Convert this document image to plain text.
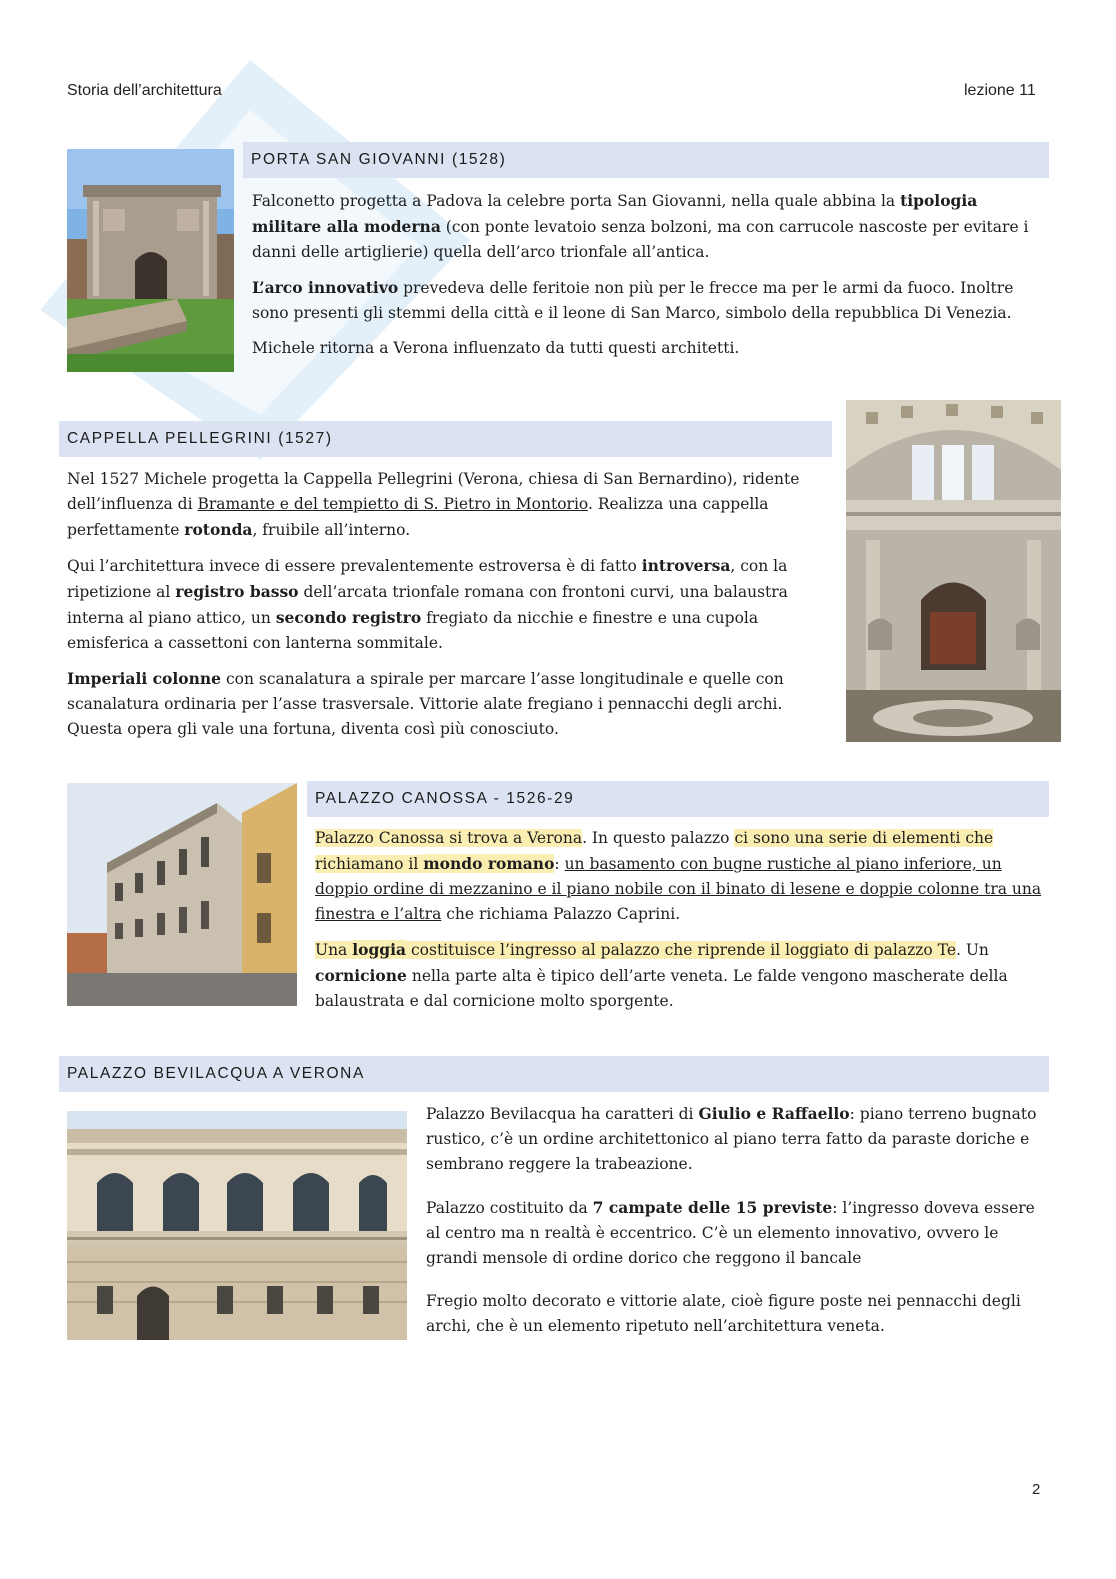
Storia dell’architettura	lezione 11
PORTA SAN GIOVANNI (1528)

Falconetto progetta a Padova la celebre porta San Giovanni, nella quale abbina la tipologia militare alla moderna (con ponte levatoio senza bolzoni, ma con carrucole nascoste per evitare i danni delle artiglierie) quella dell’arco trionfale all’antica.

L’arco innovativo prevedeva delle feritoie non più per le frecce ma per le armi da fuoco. Inoltre sono presenti gli stemmi della città e il leone di San Marco, simbolo della repubblica Di Venezia.

Michele ritorna a Verona influenzato da tutti questi architetti.

CAPPELLA PELLEGRINI (1527)

Nel 1527 Michele progetta la Cappella Pellegrini (Verona, chiesa di San Bernardino), ridente dell’influenza di Bramante e del tempietto di S. Pietro in Montorio. Realizza una cappella perfettamente rotonda, fruibile all’interno.

Qui l’architettura invece di essere prevalentemente estroversa è di fatto introversa, con la ripetizione al registro basso dell’arcata trionfale romana con frontoni curvi, una balaustra interna al piano attico, un secondo registro fregiato da nicchie e finestre e una cupola emisferica a cassettoni con lanterna sommitale.

Imperiali colonne con scanalatura a spirale per marcare l’asse longitudinale e quelle con scanalatura ordinaria per l’asse trasversale. Vittorie alate fregiano i pennacchi degli archi. Questa opera gli vale una fortuna, diventa così più conosciuto.

PALAZZO CANOSSA - 1526-29

Palazzo Canossa si trova a Verona. In questo palazzo ci sono una serie di elementi che richiamano il mondo romano: un basamento con bugne rustiche al piano inferiore, un doppio ordine di mezzanino e il piano nobile con il binato di lesene e doppie colonne tra una finestra e l’altra che richiama Palazzo Caprini.

Una loggia costituisce l’ingresso al palazzo che riprende il loggiato di palazzo Te. Un cornicione nella parte alta è tipico dell’arte veneta. Le falde vengono mascherate della balaustrata e dal cornicione molto sporgente.

PALAZZO BEVILACQUA A VERONA

Palazzo Bevilacqua ha caratteri di Giulio e Raffaello: piano terreno bugnato rustico, c’è un ordine architettonico al piano terra fatto da paraste doriche e sembrano reggere la trabeazione.

Palazzo costituito da 7 campate delle 15 previste: l’ingresso doveva essere al centro ma n realtà è eccentrico. C’è un elemento innovativo, ovvero le grandi mensole di ordine dorico che reggono il bancale

Fregio molto decorato e vittorie alate, cioè figure poste nei pennacchi degli archi, che è un elemento ripetuto nell’architettura veneta.

2
